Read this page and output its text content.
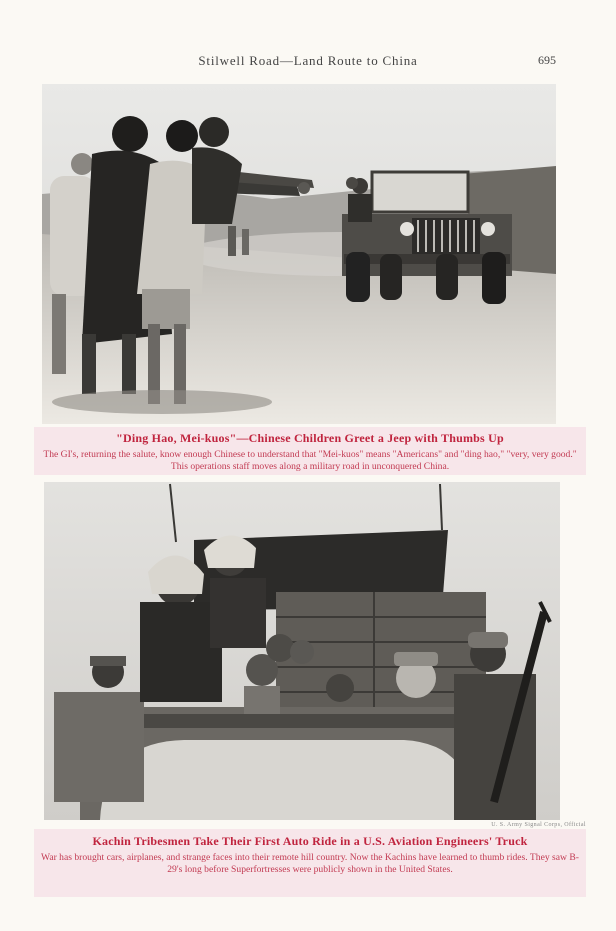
Stilwell Road—Land Route to China	695
"Ding Hao, Mei-kuos"—Chinese Children Greet a Jeep with Thumbs Up
The GI's, returning the salute, know enough Chinese to understand that "Mei-kuos" means "Americans" and "ding hao," "very, very good." This operations staff moves along a military road in unconquered China.
U. S. Army Signal Corps, Official
Kachin Tribesmen Take Their First Auto Ride in a U.S. Aviation Engineers' Truck
War has brought cars, airplanes, and strange faces into their remote hill country. Now the Kachins have learned to thumb rides. They saw B-29's long before Superfortresses were publicly shown in the United States.
